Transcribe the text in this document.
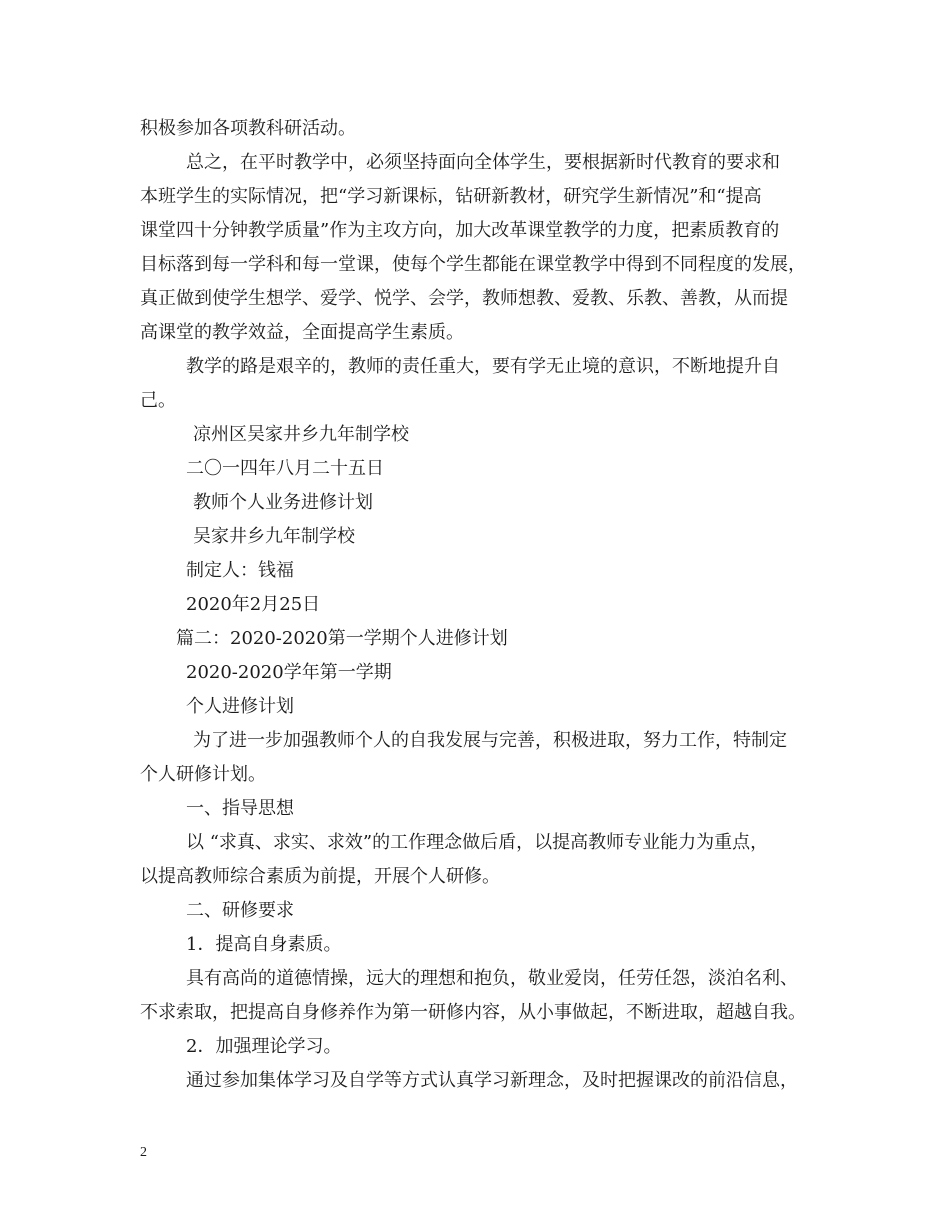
积极参加各项教科研活动。
总之，在平时教学中，必须坚持面向全体学生，要根据新时代教育的要求和
本班学生的实际情况，把“学习新课标，钻研新教材，研究学生新情况”和“提高
课堂四十分钟教学质量”作为主攻方向，加大改革课堂教学的力度，把素质教育的
目标落到每一学科和每一堂课，使每个学生都能在课堂教学中得到不同程度的发展，
真正做到使学生想学、爱学、悦学、会学，教师想教、爱教、乐教、善教，从而提
高课堂的教学效益，全面提高学生素质。
教学的路是艰辛的，教师的责任重大，要有学无止境的意识，不断地提升自
己。
凉州区吴家井乡九年制学校
二〇一四年八月二十五日
教师个人业务进修计划
吴家井乡九年制学校
制定人：钱福
2020年2月25日
篇二：2020-2020第一学期个人进修计划
2020-2020学年第一学期
个人进修计划
为了进一步加强教师个人的自我发展与完善，积极进取，努力工作，特制定
个人研修计划。
一、指导思想
以 “求真、求实、求效”的工作理念做后盾，以提高教师专业能力为重点，
以提高教师综合素质为前提，开展个人研修。
二、研修要求
1．提高自身素质。
具有高尚的道德情操，远大的理想和抱负，敬业爱岗，任劳任怨，淡泊名利、
不求索取，把提高自身修养作为第一研修内容，从小事做起，不断进取，超越自我。
2．加强理论学习。
通过参加集体学习及自学等方式认真学习新理念，及时把握课改的前沿信息，
2
